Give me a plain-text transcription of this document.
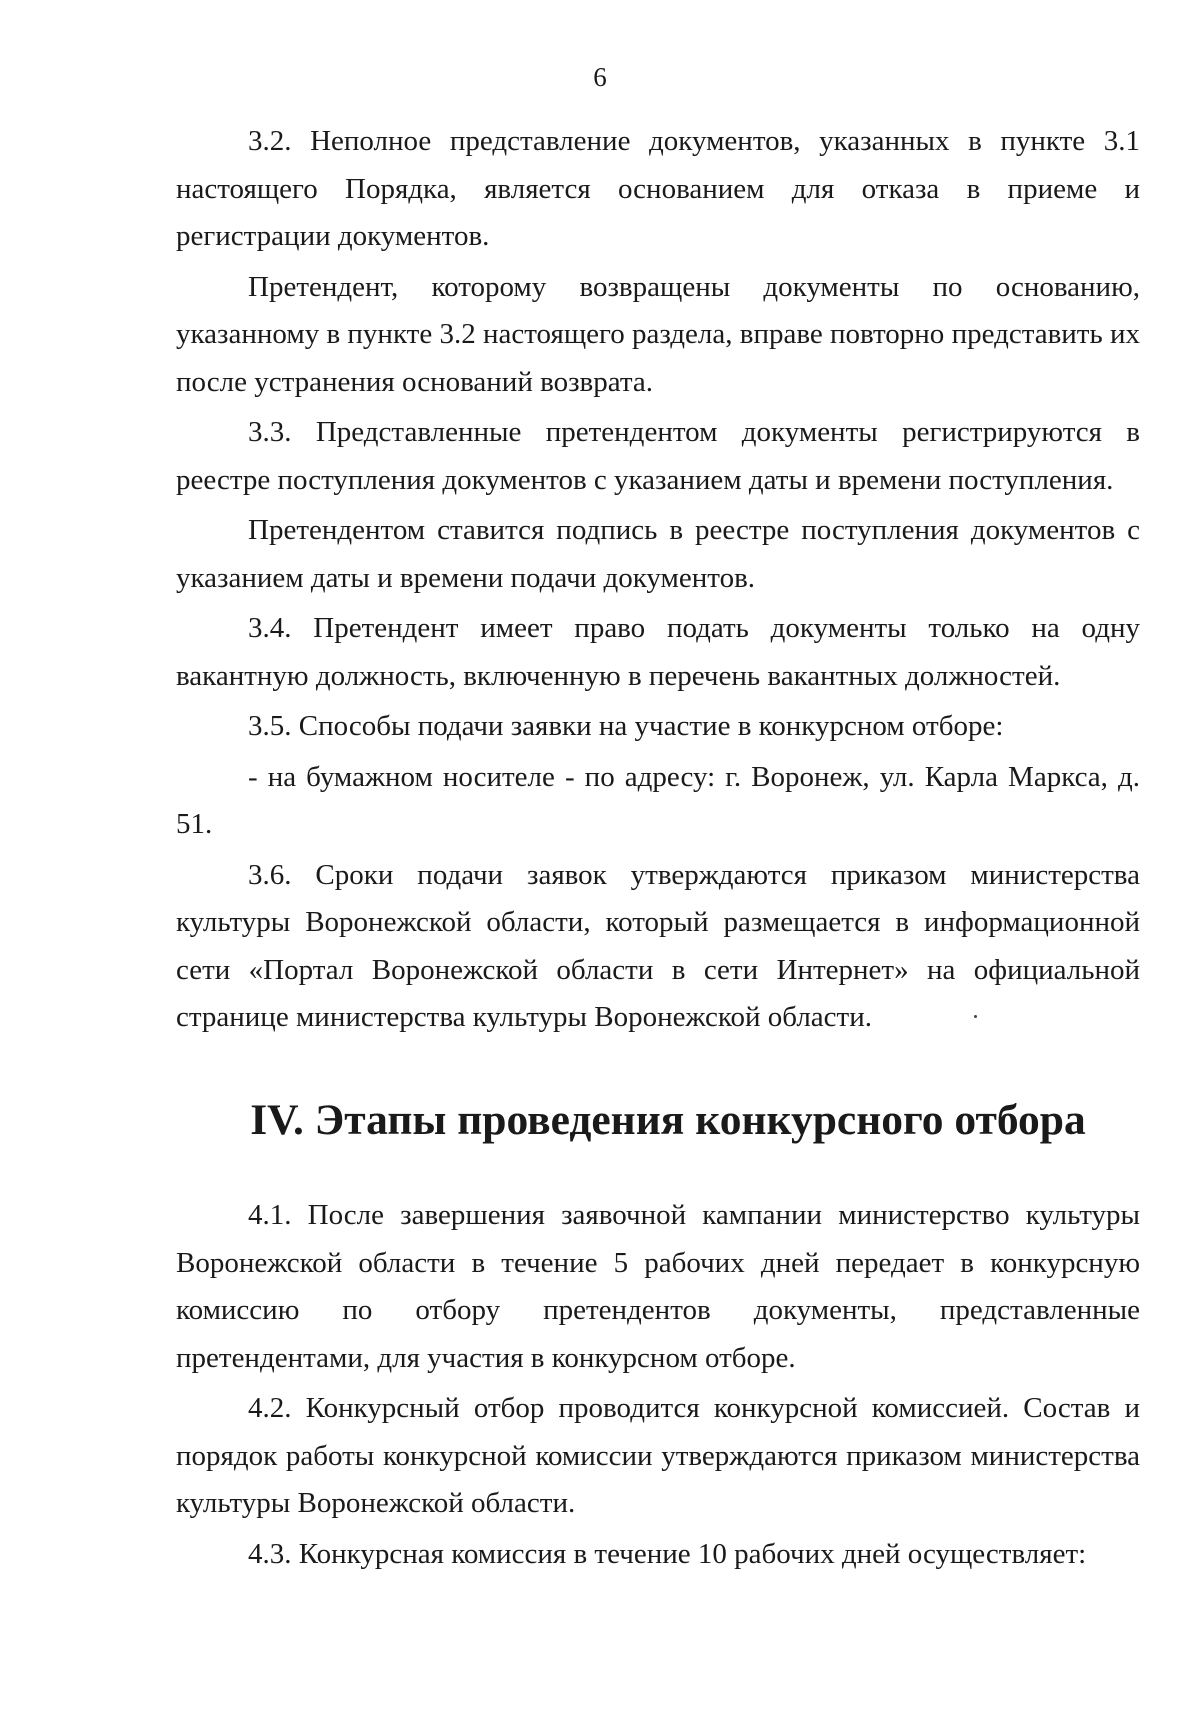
6

3.2. Неполное представление документов, указанных в пункте 3.1 настоящего Порядка, является основанием для отказа в приеме и регистрации документов.

Претендент, которому возвращены документы по основанию, указанному в пункте 3.2 настоящего раздела, вправе повторно представить их после устранения оснований возврата.

3.3. Представленные претендентом документы регистрируются в реестре поступления документов с указанием даты и времени поступления.

Претендентом ставится подпись в реестре поступления документов с указанием даты и времени подачи документов.

3.4. Претендент имеет право подать документы только на одну вакантную должность, включенную в перечень вакантных должностей.

3.5. Способы подачи заявки на участие в конкурсном отборе:

- на бумажном носителе - по адресу: г. Воронеж, ул. Карла Маркса, д. 51.

3.6. Сроки подачи заявок утверждаются приказом министерства культуры Воронежской области, который размещается в информационной сети «Портал Воронежской области в сети Интернет» на официальной странице министерства культуры Воронежской области.

IV. Этапы проведения конкурсного отбора

4.1. После завершения заявочной кампании министерство культуры Воронежской области в течение 5 рабочих дней передает в конкурсную комиссию по отбору претендентов документы, представленные претендентами, для участия в конкурсном отборе.

4.2. Конкурсный отбор проводится конкурсной комиссией. Состав и порядок работы конкурсной комиссии утверждаются приказом министерства культуры Воронежской области.

4.3. Конкурсная комиссия в течение 10 рабочих дней осуществляет:
